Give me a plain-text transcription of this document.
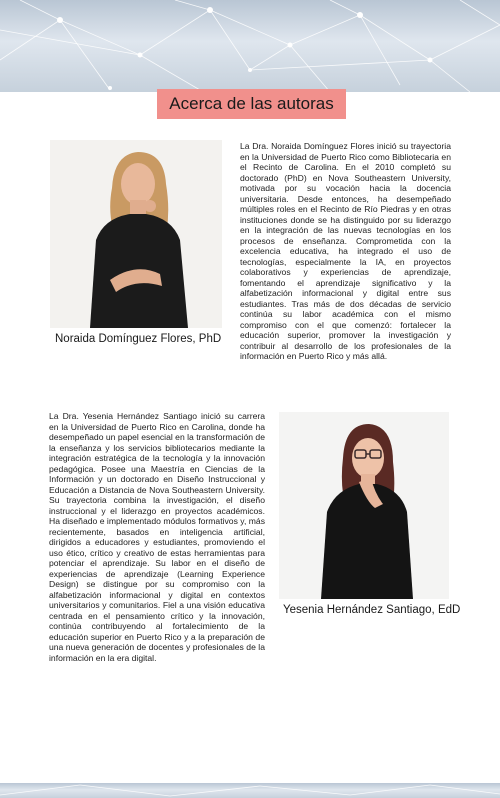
Acerca de las autoras
Noraida Domínguez Flores, PhD
La Dra. Noraida Domínguez Flores inició su trayectoria en la Universidad de Puerto Rico como Bibliotecaria en el Recinto de Carolina. En el 2010 completó su doctorado (PhD) en Nova Southeastern University, motivada por su vocación hacia la docencia universitaria. Desde entonces, ha desempeñado múltiples roles en el Recinto de Río Piedras y en otras instituciones donde se ha distinguido por su liderazgo en la integración de las nuevas tecnologías en los procesos de enseñanza. Comprometida con la excelencia educativa, ha integrado el uso de tecnologías, especialmente la IA, en proyectos colaborativos y experiencias de aprendizaje, fomentando el aprendizaje significativo y la alfabetización informacional y digital entre sus estudiantes. Tras más de dos décadas de servicio continúa su labor académica con el mismo compromiso con el que comenzó: fortalecer la educación superior, promover la investigación y contribuir al desarrollo de los profesionales de la información en Puerto Rico y más allá.
La Dra. Yesenia Hernández Santiago inició su carrera en la Universidad de Puerto Rico en Carolina, donde ha desempeñado un papel esencial en la transformación de la enseñanza y los servicios bibliotecarios mediante la integración estratégica de la tecnología y la innovación pedagógica. Posee una Maestría en Ciencias de la Información y un doctorado en Diseño Instruccional y Educación a Distancia de Nova Southeastern University. Su trayectoria combina la investigación, el diseño instruccional y el liderazgo en proyectos académicos. Ha diseñado e implementado módulos formativos y, más recientemente, basados en inteligencia artificial, dirigidos a educadores y estudiantes, promoviendo el uso ético, crítico y creativo de estas herramientas para potenciar el aprendizaje. Su labor en el diseño de experiencias de aprendizaje (Learning Experience Design) se distingue por su compromiso con la alfabetización informacional y digital en contextos universitarios y comunitarios. Fiel a una visión educativa centrada en el pensamiento crítico y la innovación, continúa contribuyendo al fortalecimiento de la educación superior en Puerto Rico y a la preparación de una nueva generación de docentes y profesionales de la información en la era digital.
Yesenia Hernández Santiago, EdD
